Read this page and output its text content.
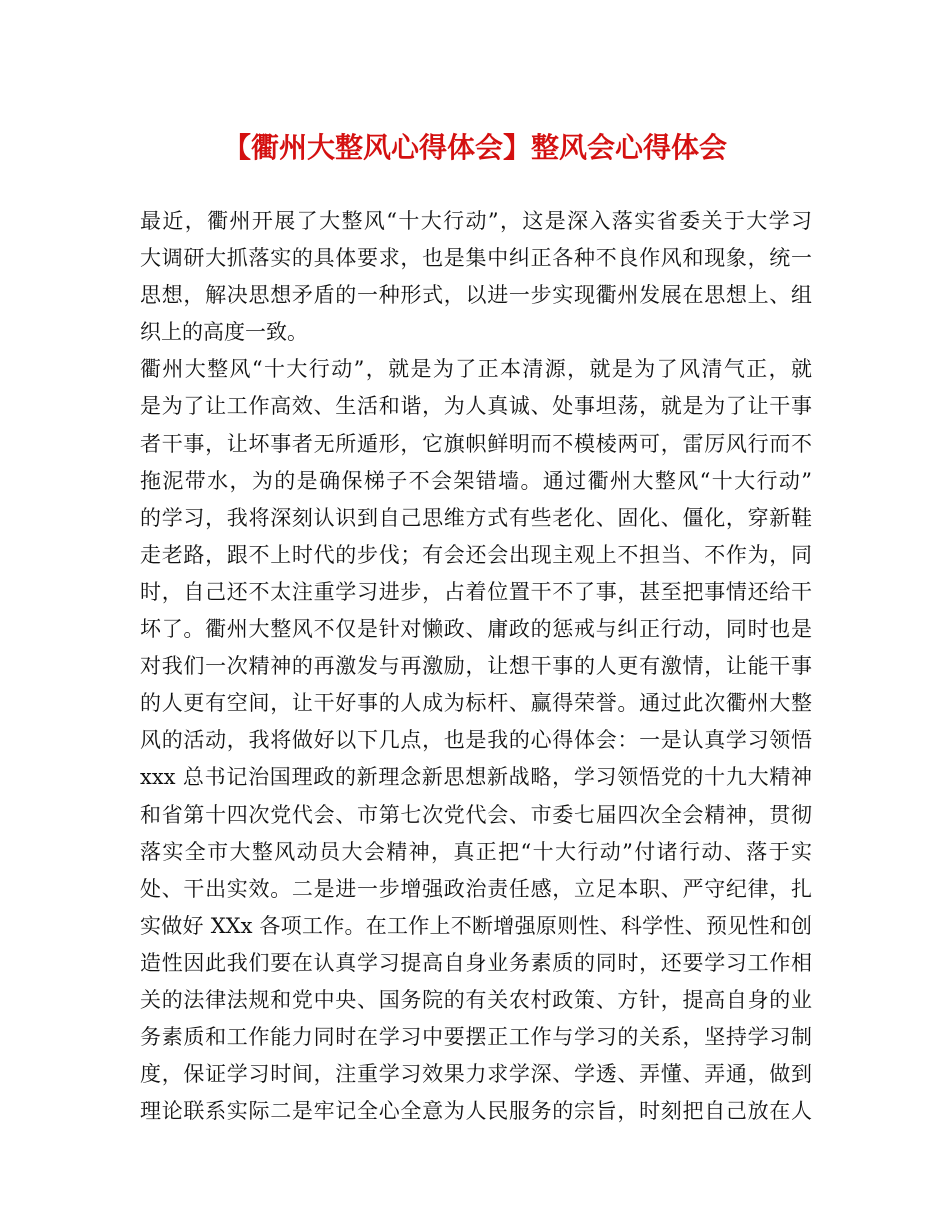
【衢州大整风心得体会】整风会心得体会
最近，衢州开展了大整风“十大行动”，这是深入落实省委关于大学习
大调研大抓落实的具体要求，也是集中纠正各种不良作风和现象，统一
思想，解决思想矛盾的一种形式，以进一步实现衢州发展在思想上、组
织上的高度一致。
衢州大整风“十大行动”，就是为了正本清源，就是为了风清气正，就
是为了让工作高效、生活和谐，为人真诚、处事坦荡，就是为了让干事
者干事，让坏事者无所遁形，它旗帜鲜明而不模棱两可，雷厉风行而不
拖泥带水，为的是确保梯子不会架错墙。通过衢州大整风“十大行动”
的学习，我将深刻认识到自己思维方式有些老化、固化、僵化，穿新鞋
走老路，跟不上时代的步伐；有会还会出现主观上不担当、不作为，同
时，自己还不太注重学习进步，占着位置干不了事，甚至把事情还给干
坏了。衢州大整风不仅是针对懒政、庸政的惩戒与纠正行动，同时也是
对我们一次精神的再激发与再激励，让想干事的人更有激情，让能干事
的人更有空间，让干好事的人成为标杆、赢得荣誉。通过此次衢州大整
风的活动，我将做好以下几点，也是我的心得体会：一是认真学习领悟
xxx 总书记治国理政的新理念新思想新战略，学习领悟党的十九大精神
和省第十四次党代会、市第七次党代会、市委七届四次全会精神，贯彻
落实全市大整风动员大会精神，真正把“十大行动”付诸行动、落于实
处、干出实效。二是进一步增强政治责任感，立足本职、严守纪律，扎
实做好 XXx 各项工作。在工作上不断增强原则性、科学性、预见性和创
造性因此我们要在认真学习提高自身业务素质的同时，还要学习工作相
关的法律法规和党中央、国务院的有关农村政策、方针，提高自身的业
务素质和工作能力同时在学习中要摆正工作与学习的关系，坚持学习制
度，保证学习时间，注重学习效果力求学深、学透、弄懂、弄通，做到
理论联系实际二是牢记全心全意为人民服务的宗旨，时刻把自己放在人
